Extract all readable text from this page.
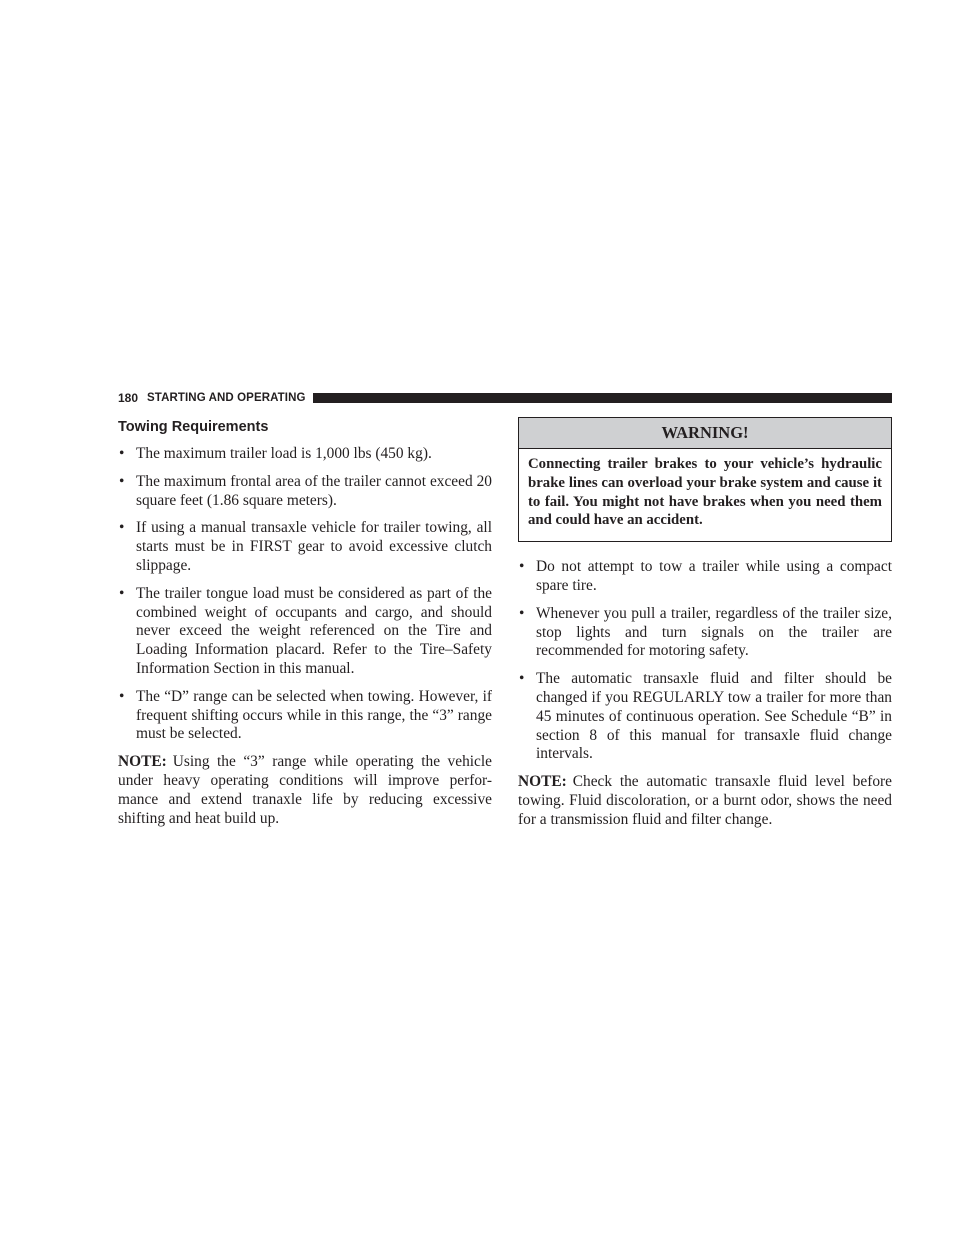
180 STARTING AND OPERATING
Towing Requirements
• The maximum trailer load is 1,000 lbs (450 kg).
• The maximum frontal area of the trailer cannot exceed 20 square feet (1.86 square meters).
• If using a manual transaxle vehicle for trailer towing, all starts must be in FIRST gear to avoid excessive clutch slippage.
• The trailer tongue load must be considered as part of the combined weight of occupants and cargo, and should never exceed the weight referenced on the Tire and Loading Information placard. Refer to the Tire–Safety Information Section in this manual.
• The “D” range can be selected when towing. However, if frequent shifting occurs while in this range, the “3” range must be selected.

NOTE: Using the “3” range while operating the vehicle under heavy operating conditions will improve perfor-mance and extend tranaxle life by reducing excessive shifting and heat build up.

WARNING!
Connecting trailer brakes to your vehicle’s hydraulic brake lines can overload your brake system and cause it to fail. You might not have brakes when you need them and could have an accident.
• Do not attempt to tow a trailer while using a compact spare tire.
• Whenever you pull a trailer, regardless of the trailer size, stop lights and turn signals on the trailer are recommended for motoring safety.
• The automatic transaxle fluid and filter should be changed if you REGULARLY tow a trailer for more than 45 minutes of continuous operation. See Schedule “B” in section 8 of this manual for transaxle fluid change intervals.

NOTE: Check the automatic transaxle fluid level before towing. Fluid discoloration, or a burnt odor, shows the need for a transmission fluid and filter change.
